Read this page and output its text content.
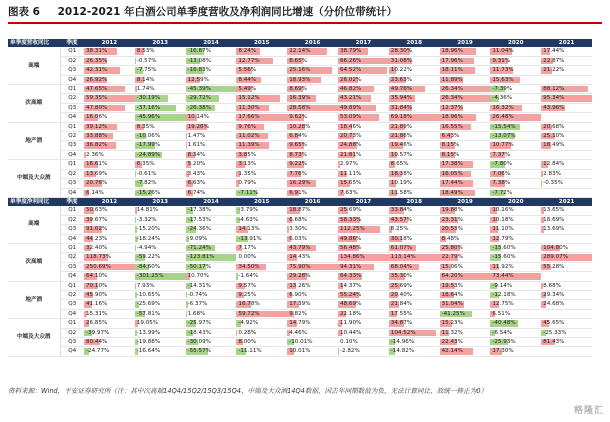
图表 6 2012-2021 年白酒公司单季度营收及净利润同比增速（分价位带统计）
单季度营收同比	季度	2012	2013	2014	2015	2016	2017	2018	2019	2020	2021
高端	Q1	38.31%	8.53%	-16.87%	8.24%	22.14%	38.79%	28.30%	18.96%	11.04%	17.44%
	Q2	26.35%	-0.57%	-13.08%	12.77%	8.65%	66.26%	31.08%	17.96%	9.31%	22.87%
	Q3	42.31%	-7.75%	-16.83%	5.56%	25.16%	64.52%	10.22%	18.11%	11.73%	21.22%
	Q4	26.92%	8.14%	12.59%	8.44%	18.93%	26.02%	23.63%	11.89%	15.63%	
次高端	Q1	47.65%	1.74%	-45.39%	5.49%	8.69%	46.82%	49.76%	26.34%	-7.39%	88.12%
	Q2	59.35%	-30.19%	-29.72%	15.12%	16.39%	43.21%	35.94%	26.34%	-4.36%	95.34%
	Q3	47.80%	-37.16%	-26.38%	11.30%	28.58%	49.89%	31.84%	12.37%	16.32%	43.96%
	Q4	16.06%	-45.96%	10.14%	17.66%	9.62%	53.09%	69.18%	18.96%	26.48%	
地产酒	Q1	39.12%	8.35%	19.26%	9.76%	10.28%	18.46%	21.89%	16.55%	-15.54%	20.68%
	Q2	33.88%	-10.06%	1.47%	11.02%	6.84%	20.73%	21.86%	6.43%	-13.07%	25.10%
	Q3	36.82%	-17.99%	1.61%	11.39%	9.65%	24.88%	19.46%	8.15%	10.77%	18.49%
	Q4	2.36%	-24.89%	8.34%	3.85%	8.73%	21.81%	10.57%	8.15%	7.37%	
中端及大众酒	Q1	16.61%	6.35%	5.20%	3.13%	9.22%	2.97%	8.65%	17.38%	-7.80%	12.84%
	Q2	13.69%	-0.61%	3.43%	1.35%	7.76%	11.11%	18.38%	16.05%	7.06%	2.83%
	Q3	20.76%	-7.82%	6.63%	0.79%	16.29%	15.65%	10.19%	17.44%	7.38%	-0.35%
	Q4	6.14%	-15.26%	6.74%	-7.11%	6.91%	7.63%	11.58%	18.49%	-7.72%	
单季度净利同比	季度	2012	2013	2014	2015	2016	2017	2018	2019	2020	2021
高端	Q1	50.63%	14.81%	-17.38%	-3.79%	18.87%	25.69%	33.84%	19.88%	10.16%	13.65%
	Q2	39.67%	-3.32%	-17.53%	-4.63%	6.68%	58.33%	43.57%	23.31%	10.18%	18.69%
	Q3	91.02%	-15.20%	-24.36%	14.13%	3.30%	112.25%	8.25%	20.53%	11.10%	13.69%
	Q4	44.23%	-18.24%	-9.09%	-13.91%	6.03%	49.86%	30.18%	8.48%	12.79%	
次高端	Q1	32.40%	-4.94%	-71.24%	7.17%	43.79%	56.48%	61.07%	25.80%	-15.60%	104.80%
	Q2	118.73%	-59.22%	-123.81%	0.00%	14.43%	134.86%	113.14%	22.79%	-15.60%	289.07%
	Q3	250.69%	-84.60%	-50.17%	34.50%	75.90%	94.31%	68.04%	15.06%	11.92%	55.28%
	Q4	64.10%	-301.25%	10.70%	-1.64%	29.28%	64.33%	35.30%	64.20%	73.44%	
地产酒	Q1	70.10%	7.93%	-14.31%	9.57%	13.26%	14.37%	25.69%	19.53%	-9.14%	8.68%
	Q2	45.90%	-10.65%	-0.74%	9.25%	6.90%	55.24%	20.40%	18.64%	-12.18%	29.34%
	Q3	41.16%	-25.69%	-6.37%	16.78%	17.39%	48.69%	21.84%	31.04%	12.75%	24.68%
	Q4	15.31%	-57.81%	1.68%	59.72%	9.82%	22.18%	17.55%	-41.25%	6.51%	
中端及大众酒	Q1	26.85%	19.05%	-25.97%	-4.92%	14.79%	11.90%	34.87%	15.23%	-40.48%	45.65%
	Q2	-39.97%	-13.99%	-18.43%	0.28%	4.46%	10.44%	104.52%	11.32%	-6.54%	-25.33%
	Q3	80.44%	-19.88%	-30.09%	8.00%	-10.01%	0.10%	-14.96%	22.43%	-25.93%	81.43%
	Q4	-24.77%	-16.64%	-55.57%	-11.11%	10.01%	-2.82%	-14.82%	42.14%	17.30%	
资料来源：Wind，平安证券研究所（注：其中次高端14Q4/15Q2/15Q3/15Q4、中端及大众酒14Q4数据，因去年同期数值为负，无法计算同比，故统一修正为0）
格隆汇
